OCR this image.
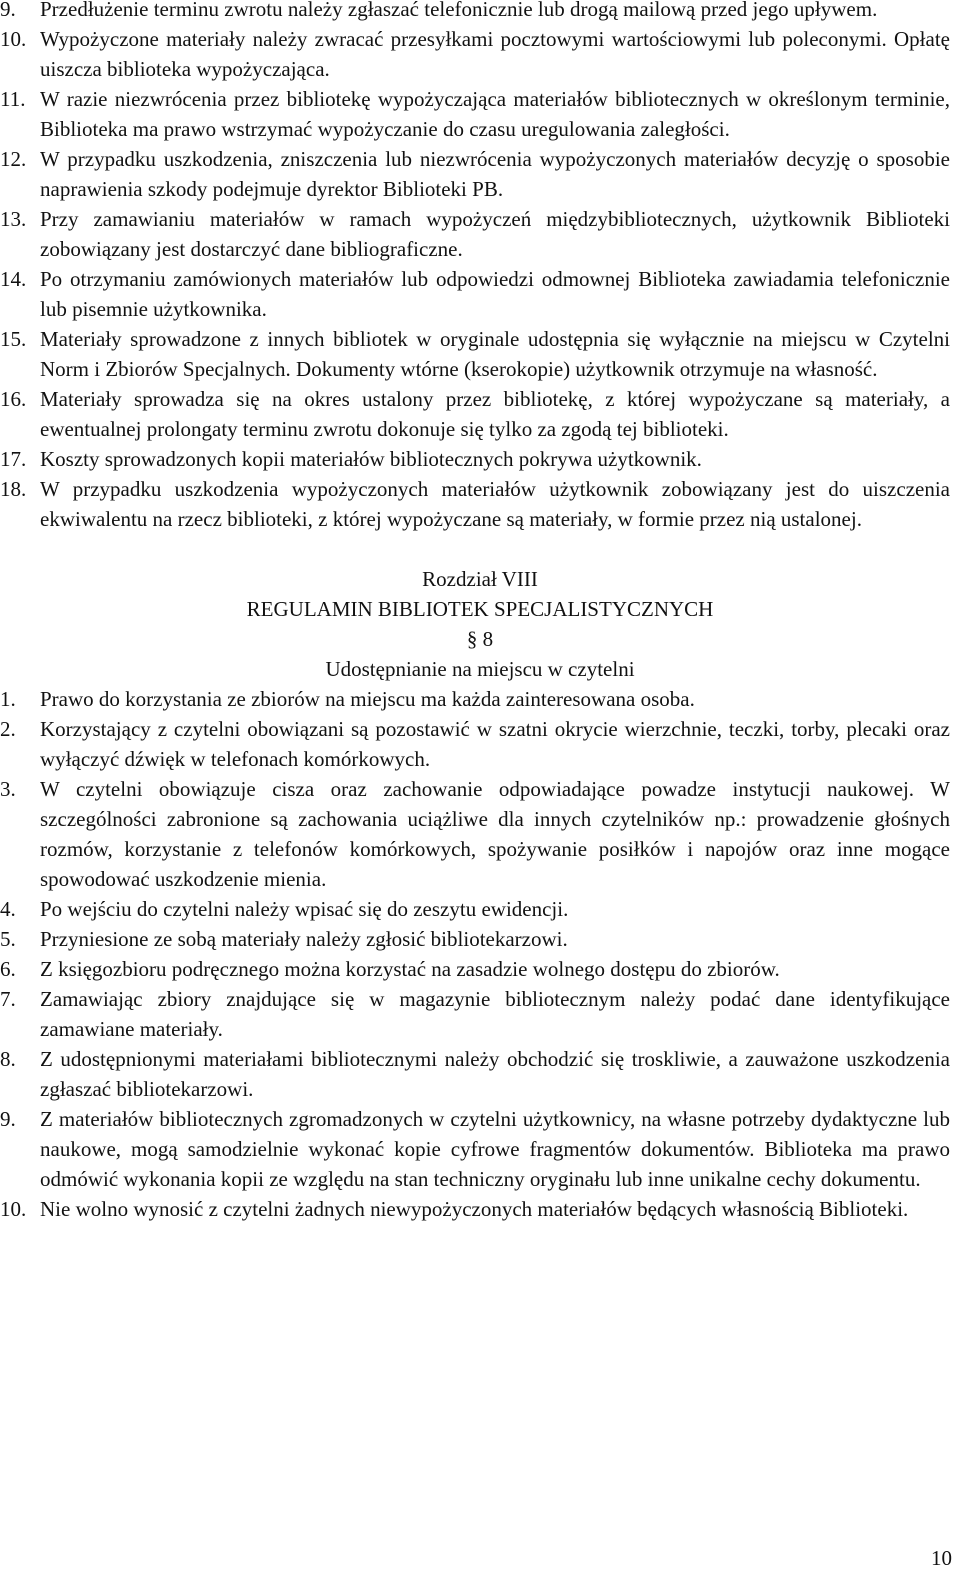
9.	Przedłużenie terminu zwrotu należy zgłaszać telefonicznie lub drogą mailową przed jego upływem.
10. Wypożyczone materiały należy zwracać przesyłkami pocztowymi wartościowymi lub poleconymi. Opłatę uiszcza biblioteka wypożyczająca.
11. W razie niezwrócenia przez bibliotekę wypożyczająca materiałów bibliotecznych w określonym terminie, Biblioteka ma prawo wstrzymać wypożyczanie do czasu uregulowania zaległości.
12. W przypadku uszkodzenia, zniszczenia lub niezwrócenia wypożyczonych materiałów decyzję o sposobie naprawienia szkody podejmuje dyrektor Biblioteki PB.
13. Przy zamawianiu materiałów w ramach wypożyczeń międzybibliotecznych, użytkownik Biblioteki zobowiązany jest dostarczyć dane bibliograficzne.
14. Po otrzymaniu zamówionych materiałów lub odpowiedzi odmownej Biblioteka zawiadamia telefonicznie lub pisemnie użytkownika.
15. Materiały sprowadzone z innych bibliotek w oryginale udostępnia się wyłącznie na miejscu w Czytelni Norm i Zbiorów Specjalnych. Dokumenty wtórne (kserokopie) użytkownik otrzymuje na własność.
16. Materiały sprowadza się na okres ustalony przez bibliotekę, z której wypożyczane są materiały, a ewentualnej prolongaty terminu zwrotu dokonuje się tylko za zgodą tej biblioteki.
17. Koszty sprowadzonych kopii materiałów bibliotecznych pokrywa użytkownik.
18. W przypadku uszkodzenia wypożyczonych materiałów użytkownik zobowiązany jest do uiszczenia ekwiwalentu na rzecz biblioteki, z której wypożyczane są materiały, w formie przez nią ustalonej.
Rozdział VIII
REGULAMIN BIBLIOTEK SPECJALISTYCZNYCH
§ 8
Udostępnianie na miejscu w czytelni
1.	Prawo do korzystania ze zbiorów na miejscu ma każda zainteresowana osoba.
2.	Korzystający z czytelni obowiązani są pozostawić w szatni okrycie wierzchnie, teczki, torby, plecaki oraz wyłączyć dźwięk w telefonach komórkowych.
3.	W czytelni obowiązuje cisza oraz zachowanie odpowiadające powadze instytucji naukowej. W szczególności zabronione są zachowania uciążliwe dla innych czytelników np.: prowadzenie głośnych rozmów, korzystanie z telefonów komórkowych, spożywanie posiłków i napojów oraz inne mogące spowodować uszkodzenie mienia.
4.	Po wejściu do czytelni należy wpisać się do zeszytu ewidencji.
5.	Przyniesione ze sobą materiały należy zgłosić bibliotekarzowi.
6.	Z księgozbioru podręcznego można korzystać na zasadzie wolnego dostępu do zbiorów.
7.	Zamawiając zbiory znajdujące się w magazynie bibliotecznym należy podać dane identyfikujące zamawiane materiały.
8.	Z udostępnionymi materiałami bibliotecznymi należy obchodzić się troskliwie, a zauważone uszkodzenia zgłaszać bibliotekarzowi.
9.	Z materiałów bibliotecznych zgromadzonych w czytelni użytkownicy, na własne potrzeby dydaktyczne lub naukowe, mogą samodzielnie wykonać kopie cyfrowe fragmentów dokumentów. Biblioteka ma prawo odmówić wykonania kopii ze względu na stan techniczny oryginału lub inne unikalne cechy dokumentu.
10. Nie wolno wynosić z czytelni żadnych niewypożyczonych materiałów będących własnością Biblioteki.
10
